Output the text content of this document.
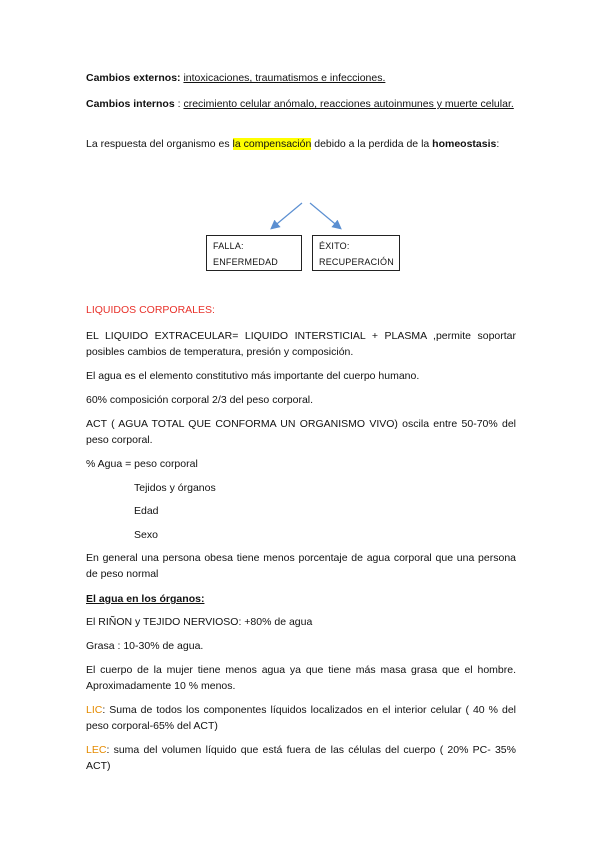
Cambios externos: intoxicaciones, traumatismos e infecciones.
Cambios internos : crecimiento celular anómalo, reacciones autoinmunes y muerte celular.
La respuesta del organismo es la compensación debido a la perdida de la homeostasis:
FALLA:
ENFERMEDAD
ÉXITO:
RECUPERACIÓN
LIQUIDOS CORPORALES:
EL LIQUIDO EXTRACEULAR= LIQUIDO INTERSTICIAL + PLASMA ,permite soportar posibles cambios de temperatura, presión y composición.
El agua es el elemento constitutivo más importante del cuerpo humano.
60% composición corporal 2/3 del peso corporal.
ACT ( AGUA TOTAL QUE CONFORMA UN ORGANISMO VIVO) oscila entre 50-70% del peso corporal.
% Agua = peso corporal
Tejidos y órganos
Edad
Sexo
En general una persona obesa tiene menos porcentaje de agua corporal que una persona de peso normal
El agua en los órganos:
El RIÑON y TEJIDO NERVIOSO: +80% de agua
Grasa : 10-30% de agua.
El cuerpo de la mujer tiene menos agua ya que tiene más masa grasa que el hombre. Aproximadamente 10 % menos.
LIC: Suma de todos los componentes líquidos localizados en el interior celular ( 40 % del peso corporal-65% del ACT)
LEC: suma del volumen líquido que está fuera de las células del cuerpo ( 20% PC- 35% ACT)
